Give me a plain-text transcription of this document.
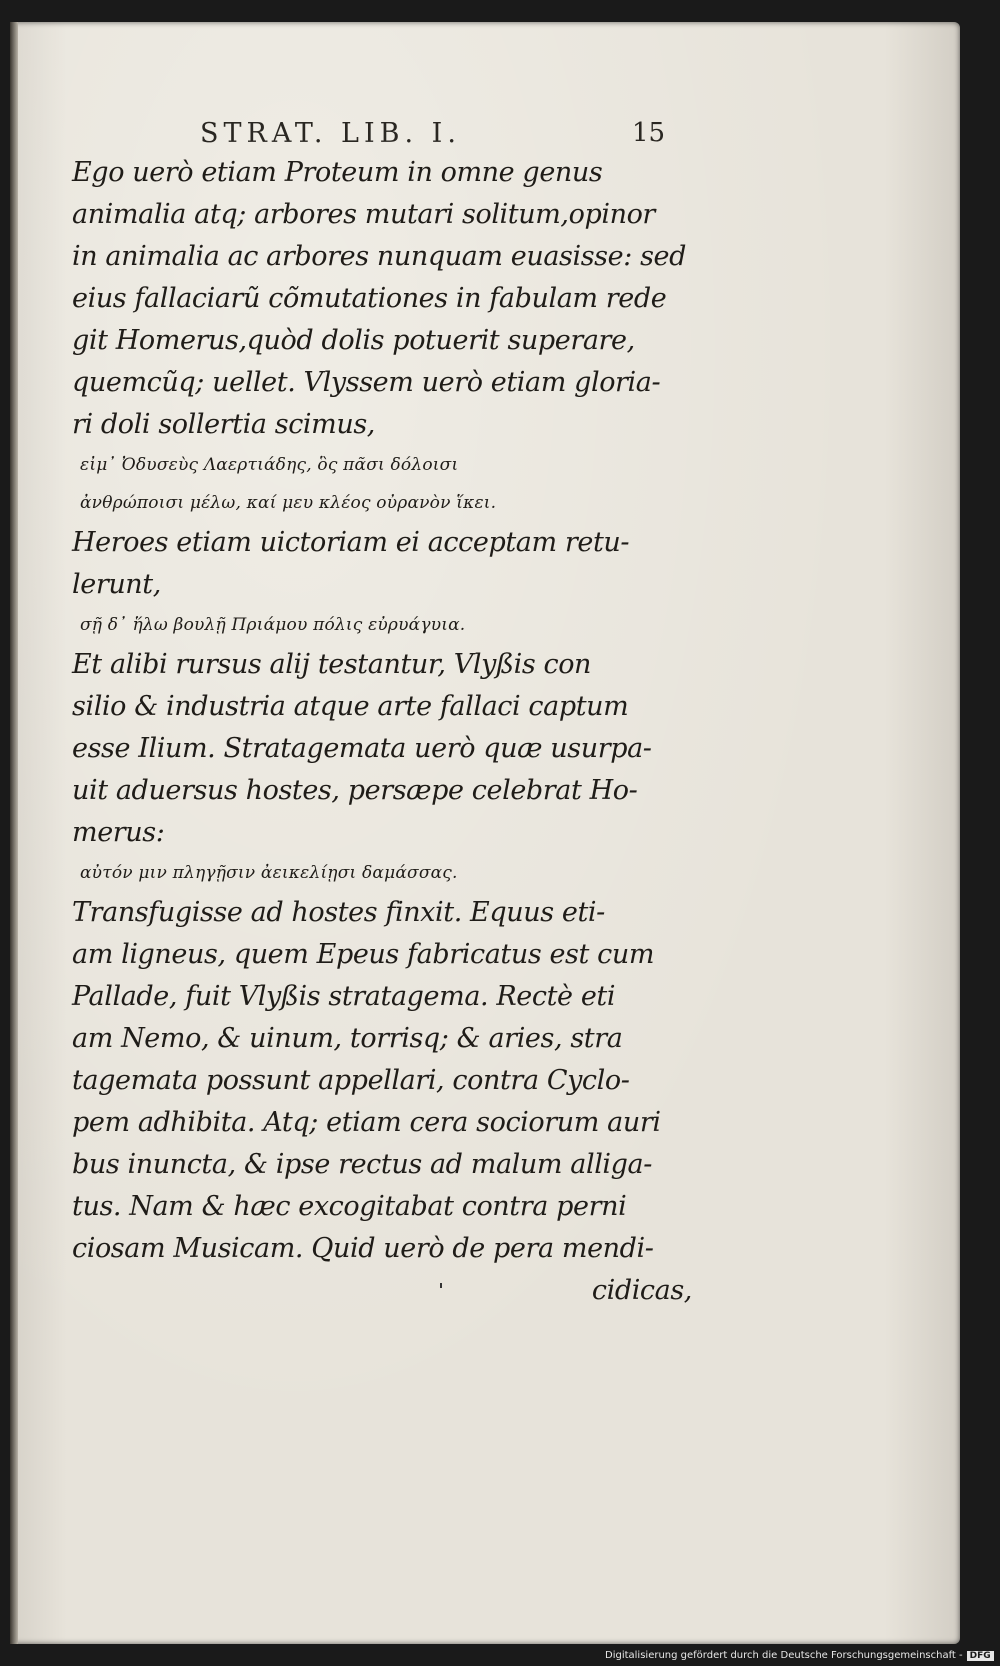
STRAT. LIB. I.	15
Ego uerò etiam Proteum in omne genus
animalia atq; arbores mutari solitum,opinor
in animalia ac arbores nunquam euasisse: sed
eius fallaciarũ cõmutationes in fabulam rede
git Homerus,quòd dolis potuerit superare,
quemcũq; uellet. Vlyssem uerò etiam gloria-
ri doli sollertia scimus,
εἰμ᾽ Ὀδυσεὺς Λαερτιάδης, ὃς πᾶσι δόλοισι
ἀνθρώποισι μέλω, καί μευ κλέος οὐρανὸν ἵκει.
Heroes etiam uictoriam ei acceptam retu-
lerunt,
σῇ δ᾽ ἥλω βουλῇ Πριάμου πόλις εὐρυάγυια.
Et alibi rursus alij testantur, Vlyßis con
silio & industria atque arte fallaci captum
esse Ilium. Stratagemata uerò quæ usurpa-
uit aduersus hostes, persæpe celebrat Ho-
merus:
αὐτόν μιν πληγῇσιν ἀεικελίῃσι δαμάσσας.
Transfugisse ad hostes finxit. Equus eti-
am ligneus, quem Epeus fabricatus est cum
Pallade, fuit Vlyßis stratagema. Rectè eti
am Nemo, & uinum, torrisq; & aries, stra
tagemata possunt appellari, contra Cyclo-
pem adhibita. Atq; etiam cera sociorum auri
bus inuncta, & ipse rectus ad malum alliga-
tus. Nam & hæc excogitabat contra perni
ciosam Musicam. Quid uerò de pera mendi-
cidicas,
Digitalisierung gefördert durch die Deutsche Forschungsgemeinschaft - DFG
